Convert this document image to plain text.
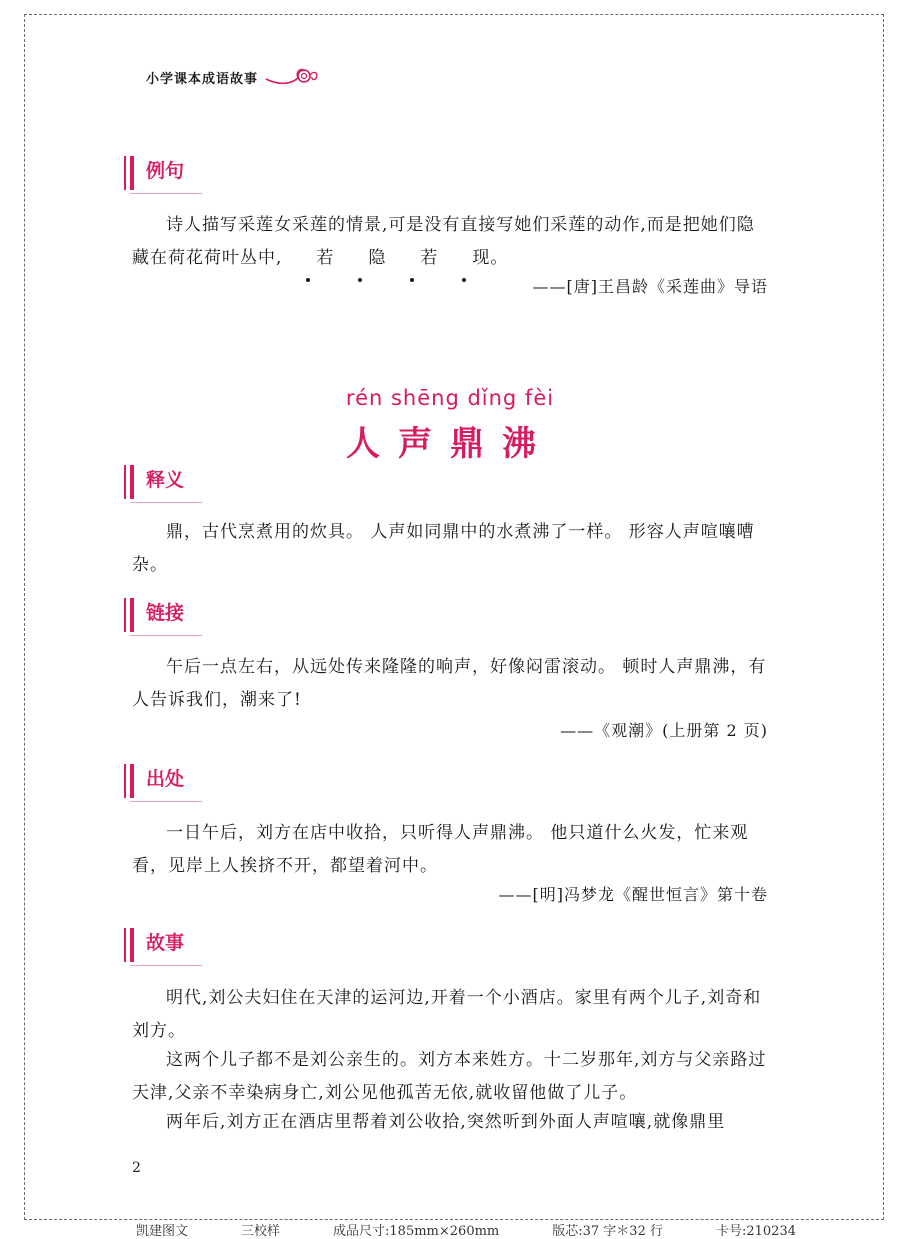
小学课本成语故事
例句

诗人描写采莲女采莲的情景,可是没有直接写她们采莲的动作,而是把她们隐藏在荷花荷叶丛中, 若 隐 若 现。

——[唐]王昌龄《采莲曲》导语
rén shēng dǐng fèi
人声鼎沸
释义

鼎，古代烹煮用的炊具。 人声如同鼎中的水煮沸了一样。 形容人声喧嚷嘈杂。

链接

午后一点左右，从远处传来隆隆的响声，好像闷雷滚动。 顿时人声鼎沸，有人告诉我们，潮来了!

——《观潮》(上册第 2 页)
出处

一日午后，刘方在店中收拾，只听得人声鼎沸。 他只道什么火发，忙来观看，见岸上人挨挤不开，都望着河中。

——[明]冯梦龙《醒世恒言》第十卷
故事

明代,刘公夫妇住在天津的运河边,开着一个小酒店。家里有两个儿子,刘奇和刘方。

这两个儿子都不是刘公亲生的。刘方本来姓方。十二岁那年,刘方与父亲路过天津,父亲不幸染病身亡,刘公见他孤苦无依,就收留他做了儿子。

两年后,刘方正在酒店里帮着刘公收拾,突然听到外面人声喧嚷,就像鼎里

2
凯建图文	三校样	成品尺寸:185mm×260mm	版芯:37 字＊32 行	卡号:210234
